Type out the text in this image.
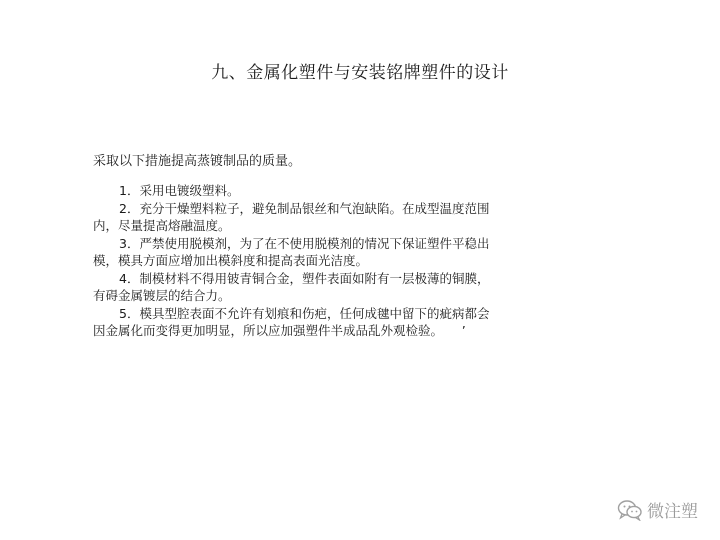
九、金属化塑件与安装铭牌塑件的设计
采取以下措施提高蒸镀制品的质量。
1．采用电镀级塑料。
2．充分干燥塑料粒子，避免制品银丝和气泡缺陷。在成型温度范围内，尽量提高熔融温度。
3．严禁使用脱模剂，为了在不使用脱模剂的情况下保证塑件平稳出模，模具方面应增加出模斜度和提高表面光洁度。
4．制模材料不得用铍青铜合金，塑件表面如附有一层极薄的铜膜，有碍金属镀层的结合力。
5．模具型腔表面不允许有划痕和伤疤，任何成毽中留下的疵病都会因金属化而变得更加明显，所以应加强塑件半成品乱外观检验。　　’
微注塑
